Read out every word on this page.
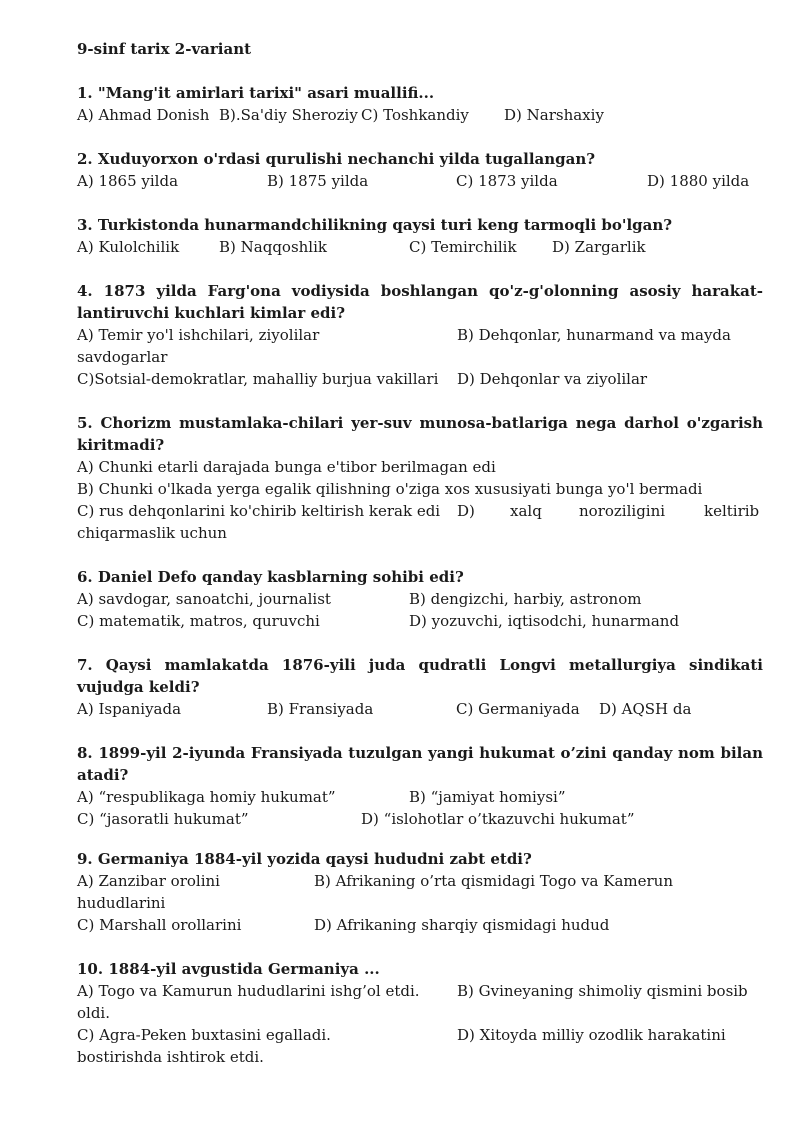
9-sinf tarix 2-variant
1. "Mang'it amirlari tarixi" asari muallifi...
A) Ahmad Donish B).Sa'diy Sheroziy C) Toshkandiy D) Narshaxiy
2. Xuduyorxon o'rdasi qurulishi nechanchi yilda tugallangan?
A) 1865 yilda	B) 1875 yilda	C) 1873 yilda	D) 1880 yilda
3. Turkistonda hunarmandchilikning qaysi turi keng tarmoqli bo'lgan?
A) Kulolchilik	B) Naqqoshlik	C) Temirchilik D) Zargarlik
4. 1873 yilda Farg'ona vodiysida boshlangan qo'z-g'olonning asosiy harakat-lantiruvchi kuchlari kimlar edi?
A) Temir yo'l ishchilari, ziyolilar	B) Dehqonlar, hunarmand va mayda
savdogarlar
C)Sotsial-demokratlar, mahalliy burjua vakillari D) Dehqonlar va ziyolilar
5. Chorizm mustamlaka-chilari yer-suv munosa-batlariga nega darhol o'zgarish kiritmadi?
A) Chunki etarli darajada bunga e'tibor berilmagan edi
B) Chunki o'lkada yerga egalik qilishning o'ziga xos xususiyati bunga yo'l bermadi
C) rus dehqonlarini ko'chirib keltirish kerak edi D) xalq noroziligini	keltirib
chiqarmaslik uchun
6. Daniel Defo qanday kasblarning sohibi edi?
A) savdogar, sanoatchi, journalist	B) dengizchi, harbiy, astronom
C) matematik, matros, quruvchi	D) yozuvchi, iqtisodchi, hunarmand
7. Qaysi mamlakatda 1876-yili juda qudratli Longvi metallurgiya sindikati vujudga keldi?
A) Ispaniyada	B) Fransiyada	C) Germaniyada D) AQSH da
8. 1899-yil 2-iyunda Fransiyada tuzulgan yangi hukumat o’zini qanday nom bilan atadi?
A) “respublikaga homiy hukumat”	B) “jamiyat homiysi”
C) “jasoratli hukumat”	D) “islohotlar o’tkazuvchi hukumat”
9. Germaniya 1884-yil yozida qaysi hududni zabt etdi?
A) Zanzibar orolini	B) Afrikaning o’rta qismidagi Togo va Kamerun
hududlarini
C) Marshall orollarini	D) Afrikaning sharqiy qismidagi hudud
10. 1884-yil avgustida Germaniya ...
A) Togo va Kamurun hududlarini ishg’ol etdi. B) Gvineyaning shimoliy qismini bosib
oldi.
C) Agra-Peken buxtasini egalladi.	D) Xitoyda milliy ozodlik harakatini
bostirishda ishtirok etdi.
